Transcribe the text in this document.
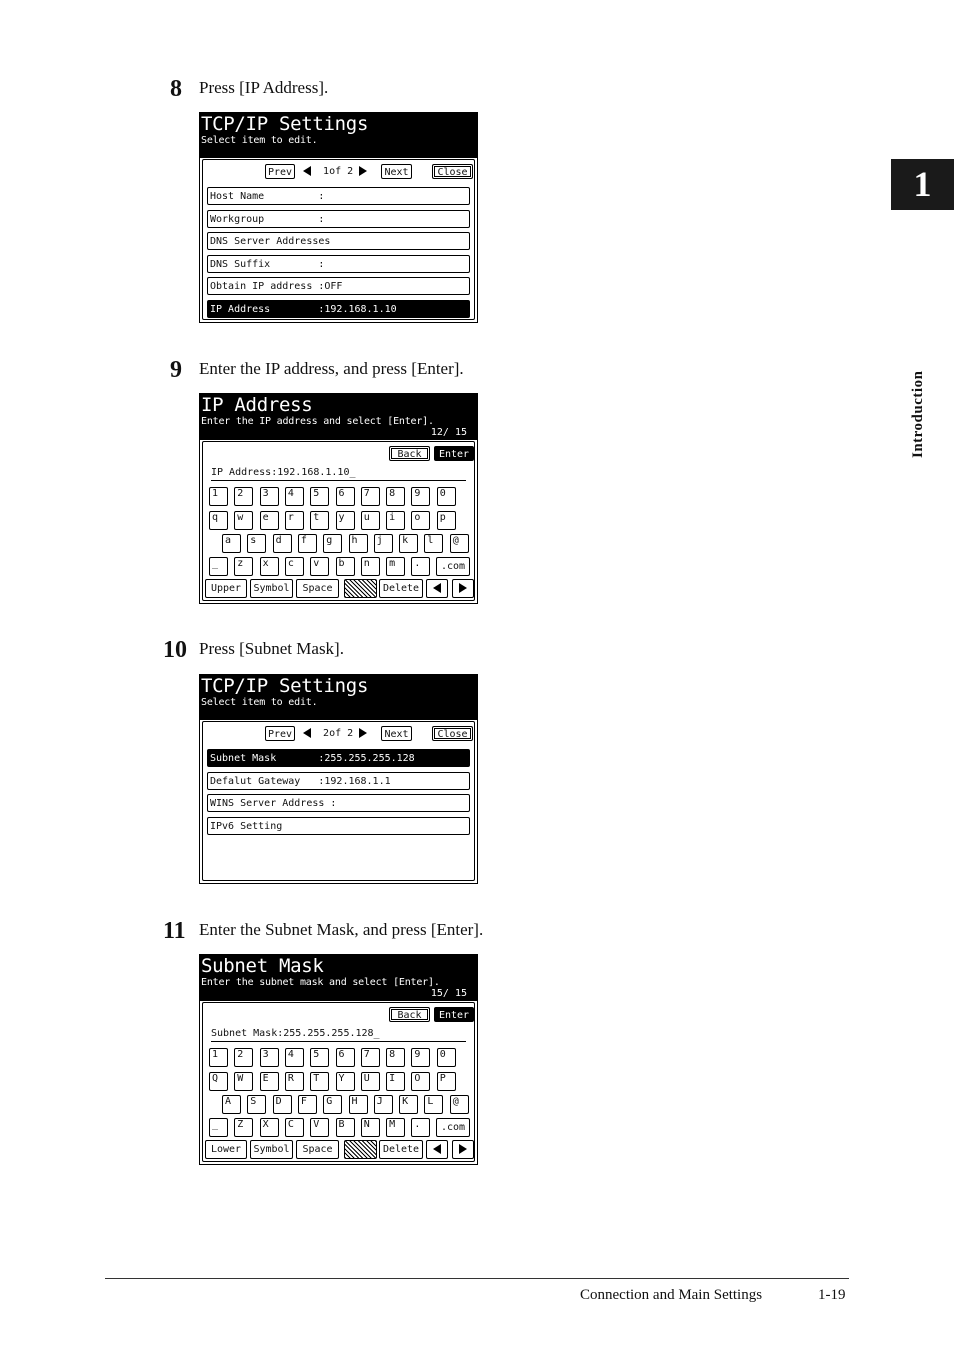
1
Introduction
8 Press [IP Address].
TCP/IP Settings
Select item to edit.
Prev	1of 2	Next	Close
Host Name         :
Workgroup         :
DNS Server Addresses
DNS Suffix        :
Obtain IP address :OFF
IP Address        :192.168.1.10
9 Enter the IP address, and press [Enter].
IP Address
Enter the IP address and select [Enter].
12/ 15
Back	Enter
IP Address:192.168.1.10_
1	2	3	4	5	6	7	8	9	0
q	w	e	r	t	y	u	i	o	p
a	s	d	f	g	h	j	k	l	@
_	z	x	c	v	b	n	m	.	.com
Upper	Symbol	Space	Delete
10 Press [Subnet Mask].
TCP/IP Settings
Select item to edit.
Prev	2of 2	Next	Close
Subnet Mask       :255.255.255.128
Defalut Gateway   :192.168.1.1
WINS Server Address :
IPv6 Setting
11 Enter the Subnet Mask, and press [Enter].
Subnet Mask
Enter the subnet mask and select [Enter].
15/ 15
Back	Enter
Subnet Mask:255.255.255.128_
1	2	3	4	5	6	7	8	9	0
Q	W	E	R	T	Y	U	I	O	P
A	S	D	F	G	H	J	K	L	@
_	Z	X	C	V	B	N	M	.	.com
Lower	Symbol	Space	Delete
Connection and Main Settings	1-19
